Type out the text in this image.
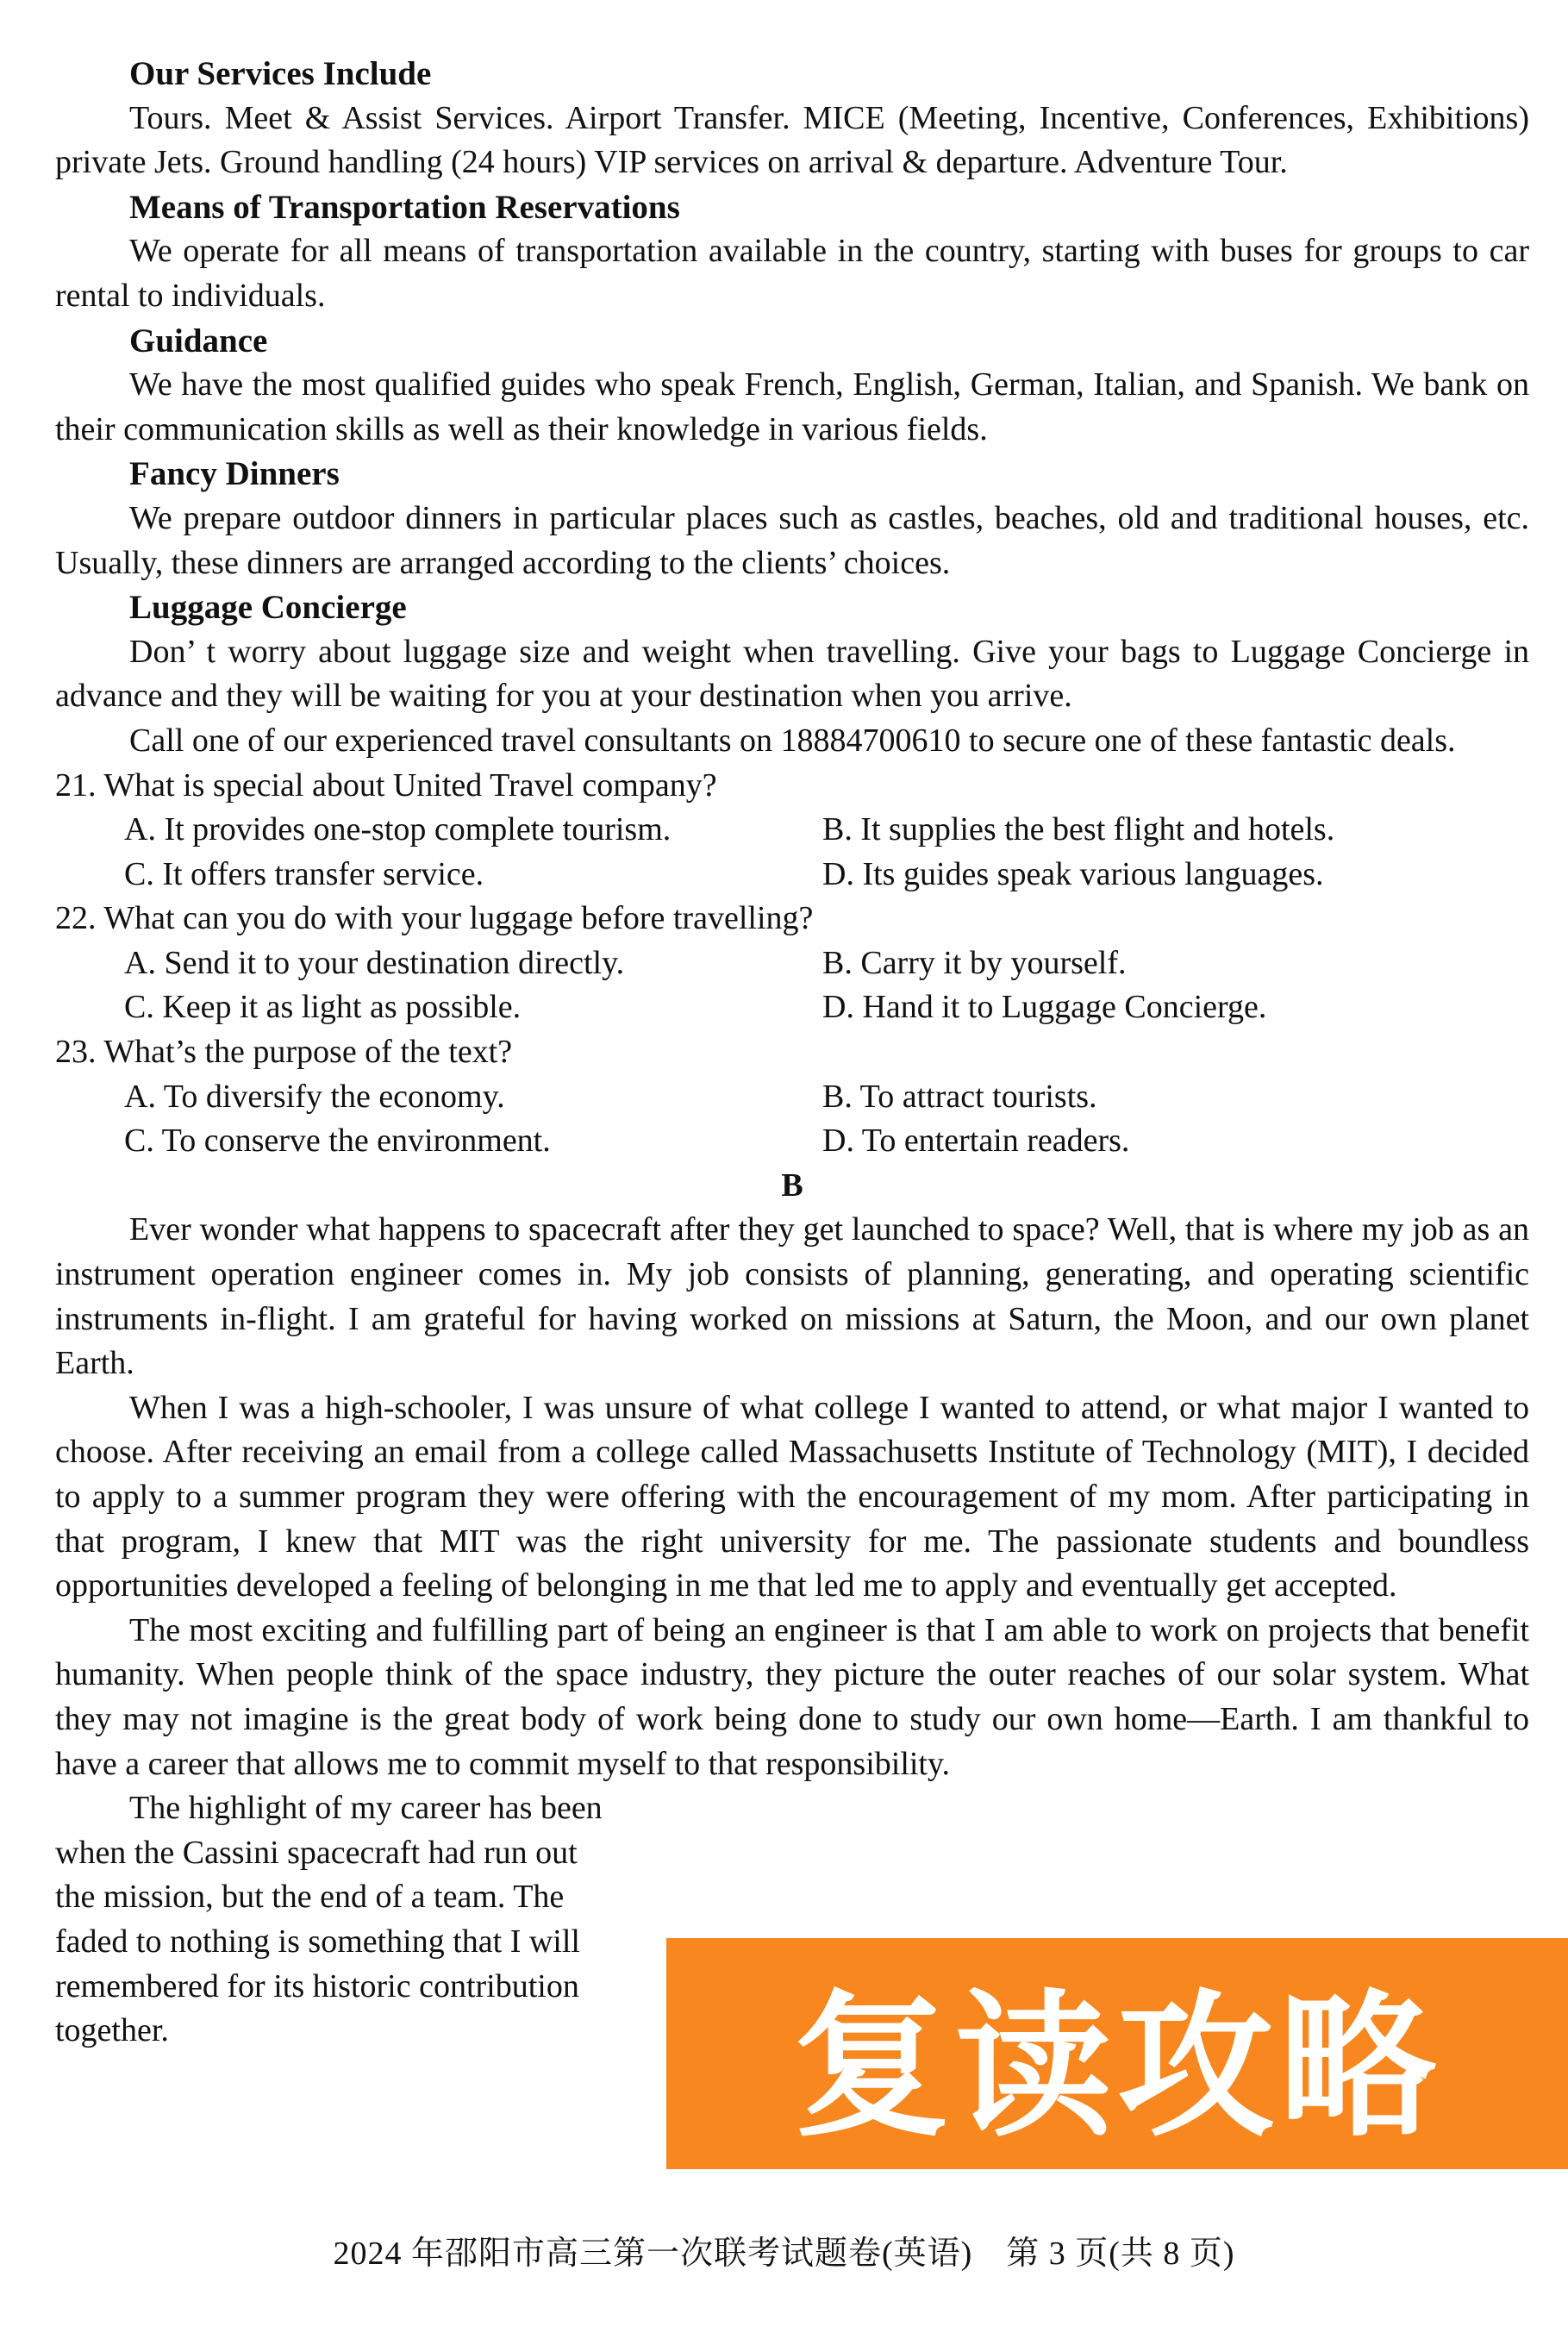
Our Services Include

Tours. Meet & Assist Services. Airport Transfer. MICE (Meeting, Incentive, Conferences, Exhibitions) private Jets. Ground handling (24 hours) VIP services on arrival & departure. Adventure Tour.

Means of Transportation Reservations

We operate for all means of transportation available in the country, starting with buses for groups to car rental to individuals.

Guidance

We have the most qualified guides who speak French, English, German, Italian, and Spanish. We bank on their communication skills as well as their knowledge in various fields.

Fancy Dinners

We prepare outdoor dinners in particular places such as castles, beaches, old and traditional houses, etc. Usually, these dinners are arranged according to the clients’ choices.

Luggage Concierge

Don’ t worry about luggage size and weight when travelling. Give your bags to Luggage Concierge in advance and they will be waiting for you at your destination when you arrive.

Call one of our experienced travel consultants on 18884700610 to secure one of these fantastic deals.

21. What is special about United Travel company?

A. It provides one-stop complete tourism.	B. It supplies the best flight and hotels.
C. It offers transfer service.	D. Its guides speak various languages.

22. What can you do with your luggage before travelling?

A. Send it to your destination directly.	B. Carry it by yourself.
C. Keep it as light as possible.	D. Hand it to Luggage Concierge.

23. What’s the purpose of the text?

A. To diversify the economy.	B. To attract tourists.
C. To conserve the environment.	D. To entertain readers.
B

Ever wonder what happens to spacecraft after they get launched to space? Well, that is where my job as an instrument operation engineer comes in. My job consists of planning, generating, and operating scientific instruments in-flight. I am grateful for having worked on missions at Saturn, the Moon, and our own planet Earth.

When I was a high-schooler, I was unsure of what college I wanted to attend, or what major I wanted to choose. After receiving an email from a college called Massachusetts Institute of Technology (MIT), I decided to apply to a summer program they were offering with the encouragement of my mom. After participating in that program, I knew that MIT was the right university for me. The passionate students and boundless opportunities developed a feeling of belonging in me that led me to apply and eventually get accepted.

The most exciting and fulfilling part of being an engineer is that I am able to work on projects that benefit humanity. When people think of the space industry, they picture the outer reaches of our solar system. What they may not imagine is the great body of work being done to study our own home—Earth. I am thankful to have a career that allows me to commit myself to that responsibility.

The highlight of my career has been
when the Cassini spacecraft had run out
the mission, but the end of a team. The
faded to nothing is something that I will
remembered for its historic contribution
together.	复读攻略
2024 年邵阳市高三第一次联考试题卷(英语)　第 3 页(共 8 页)
